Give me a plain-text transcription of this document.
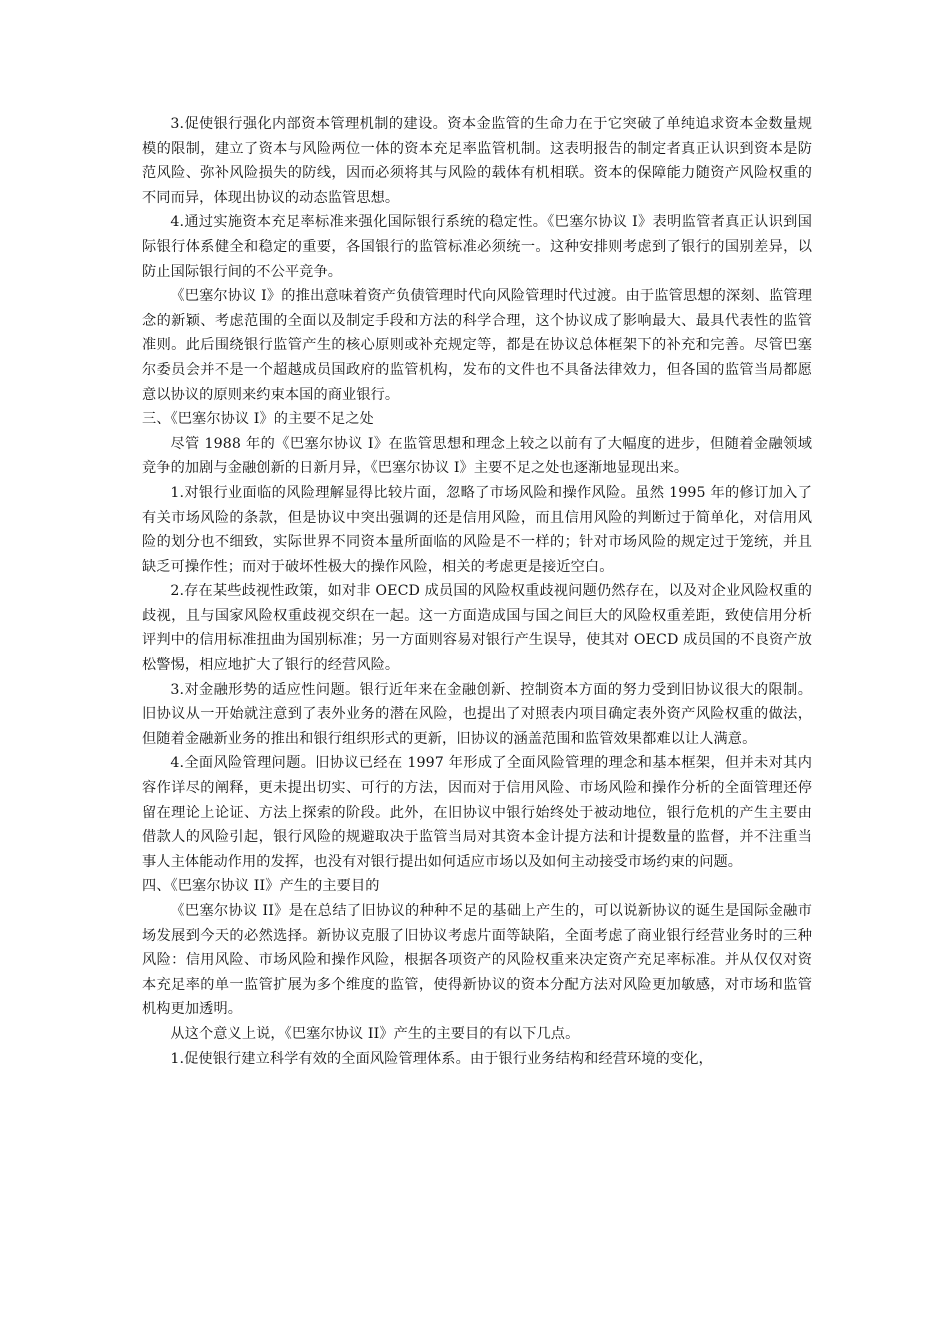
3.促使银行强化内部资本管理机制的建设。资本金监管的生命力在于它突破了单纯追求资本金数量规模的限制，建立了资本与风险两位一体的资本充足率监管机制。这表明报告的制定者真正认识到资本是防范风险、弥补风险损失的防线，因而必须将其与风险的载体有机相联。资本的保障能力随资产风险权重的不同而异，体现出协议的动态监管思想。

4.通过实施资本充足率标准来强化国际银行系统的稳定性。《巴塞尔协议 I》表明监管者真正认识到国际银行体系健全和稳定的重要，各国银行的监管标准必须统一。这种安排则考虑到了银行的国别差异，以防止国际银行间的不公平竞争。

《巴塞尔协议 I》的推出意味着资产负债管理时代向风险管理时代过渡。由于监管思想的深刻、监管理念的新颖、考虑范围的全面以及制定手段和方法的科学合理，这个协议成了影响最大、最具代表性的监管准则。此后围绕银行监管产生的核心原则或补充规定等，都是在协议总体框架下的补充和完善。尽管巴塞尔委员会并不是一个超越成员国政府的监管机构，发布的文件也不具备法律效力，但各国的监管当局都愿意以协议的原则来约束本国的商业银行。

三、《巴塞尔协议 I》的主要不足之处

尽管 1988 年的《巴塞尔协议 I》在监管思想和理念上较之以前有了大幅度的进步，但随着金融领域竞争的加剧与金融创新的日新月异，《巴塞尔协议 I》主要不足之处也逐渐地显现出来。

1.对银行业面临的风险理解显得比较片面，忽略了市场风险和操作风险。虽然 1995 年的修订加入了有关市场风险的条款，但是协议中突出强调的还是信用风险，而且信用风险的判断过于简单化，对信用风险的划分也不细致，实际世界不同资本量所面临的风险是不一样的；针对市场风险的规定过于笼统，并且缺乏可操作性；而对于破坏性极大的操作风险，相关的考虑更是接近空白。

2.存在某些歧视性政策，如对非 OECD 成员国的风险权重歧视问题仍然存在，以及对企业风险权重的歧视，且与国家风险权重歧视交织在一起。这一方面造成国与国之间巨大的风险权重差距，致使信用分析评判中的信用标准扭曲为国别标准；另一方面则容易对银行产生误导，使其对 OECD 成员国的不良资产放松警惕，相应地扩大了银行的经营风险。

3.对金融形势的适应性问题。银行近年来在金融创新、控制资本方面的努力受到旧协议很大的限制。旧协议从一开始就注意到了表外业务的潜在风险，也提出了对照表内项目确定表外资产风险权重的做法，但随着金融新业务的推出和银行组织形式的更新，旧协议的涵盖范围和监管效果都难以让人满意。

4.全面风险管理问题。旧协议已经在 1997 年形成了全面风险管理的理念和基本框架，但并未对其内容作详尽的阐释，更未提出切实、可行的方法，因而对于信用风险、市场风险和操作分析的全面管理还停留在理论上论证、方法上探索的阶段。此外，在旧协议中银行始终处于被动地位，银行危机的产生主要由借款人的风险引起，银行风险的规避取决于监管当局对其资本金计提方法和计提数量的监督，并不注重当事人主体能动作用的发挥，也没有对银行提出如何适应市场以及如何主动接受市场约束的问题。

四、《巴塞尔协议 II》产生的主要目的

《巴塞尔协议 II》是在总结了旧协议的种种不足的基础上产生的，可以说新协议的诞生是国际金融市场发展到今天的必然选择。新协议克服了旧协议考虑片面等缺陷，全面考虑了商业银行经营业务时的三种风险：信用风险、市场风险和操作风险，根据各项资产的风险权重来决定资产充足率标准。并从仅仅对资本充足率的单一监管扩展为多个维度的监管，使得新协议的资本分配方法对风险更加敏感，对市场和监管机构更加透明。

从这个意义上说，《巴塞尔协议 II》产生的主要目的有以下几点。

1.促使银行建立科学有效的全面风险管理体系。由于银行业务结构和经营环境的变化，
